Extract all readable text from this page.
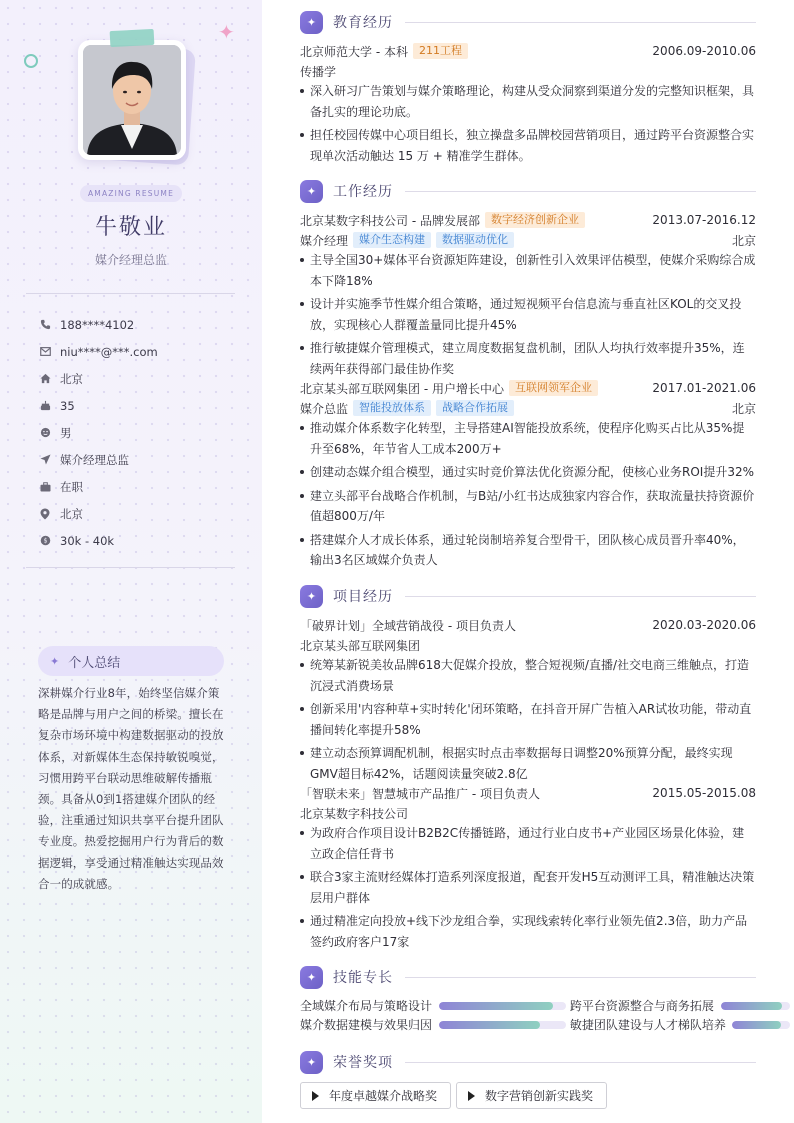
✦
AMAZING RESUME
牛敬业
媒介经理总监
188****4102
niu****@***.com
北京
35
男
媒介经理总监
在职
北京
$ 30k - 40k
✦ 个人总结
深耕媒介行业8年，始终坚信媒介策略是品牌与用户之间的桥梁。擅长在复杂市场环境中构建数据驱动的投放体系，对新媒体生态保持敏锐嗅觉，习惯用跨平台联动思维破解传播瓶颈。具备从0到1搭建媒介团队的经验，注重通过知识共享平台提升团队专业度。热爱挖掘用户行为背后的数据逻辑，享受通过精准触达实现品效合一的成就感。
✦	教育经历
北京师范大学 - 本科	211工程	2006.09-2010.06
传播学
深入研习广告策划与媒介策略理论，构建从受众洞察到渠道分发的完整知识框架，具备扎实的理论功底。
担任校园传媒中心项目组长，独立操盘多品牌校园营销项目，通过跨平台资源整合实现单次活动触达 15 万 + 精准学生群体。
✦	工作经历
北京某数字科技公司 - 品牌发展部	数字经济创新企业	2013.07-2016.12
媒介经理	媒介生态构建	数据驱动优化	北京
主导全国30+媒体平台资源矩阵建设，创新性引入效果评估模型，使媒介采购综合成本下降18%
设计并实施季节性媒介组合策略，通过短视频平台信息流与垂直社区KOL的交叉投放，实现核心人群覆盖量同比提升45%
推行敏捷媒介管理模式，建立周度数据复盘机制，团队人均执行效率提升35%，连续两年获得部门最佳协作奖
北京某头部互联网集团 - 用户增长中心	互联网领军企业	2017.01-2021.06
媒介总监	智能投放体系	战略合作拓展	北京
推动媒介体系数字化转型，主导搭建AI智能投放系统，使程序化购买占比从35%提升至68%，年节省人工成本200万+
创建动态媒介组合模型，通过实时竞价算法优化资源分配，使核心业务ROI提升32%
建立头部平台战略合作机制，与B站/小红书达成独家内容合作，获取流量扶持资源价值超800万/年
搭建媒介人才成长体系，通过轮岗制培养复合型骨干，团队核心成员晋升率40%，输出3名区域媒介负责人
✦	项目经历
「破界计划」全域营销战役 - 项目负责人	2020.03-2020.06
北京某头部互联网集团
统筹某新锐美妆品牌618大促媒介投放，整合短视频/直播/社交电商三维触点，打造沉浸式消费场景
创新采用'内容种草+实时转化'闭环策略，在抖音开屏广告植入AR试妆功能，带动直播间转化率提升58%
建立动态预算调配机制，根据实时点击率数据每日调整20%预算分配，最终实现GMV超目标42%，话题阅读量突破2.8亿
「智联未来」智慧城市产品推广 - 项目负责人	2015.05-2015.08
北京某数字科技公司
为政府合作项目设计B2B2C传播链路，通过行业白皮书+产业园区场景化体验，建立政企信任背书
联合3家主流财经媒体打造系列深度报道，配套开发H5互动测评工具，精准触达决策层用户群体
通过精准定向投放+线下沙龙组合拳，实现线索转化率行业领先值2.3倍，助力产品签约政府客户17家
✦	技能专长
全域媒介布局与策略设计	跨平台资源整合与商务拓展
媒介数据建模与效果归因	敏捷团队建设与人才梯队培养
✦	荣誉奖项
年度卓越媒介战略奖	数字营销创新实践奖
